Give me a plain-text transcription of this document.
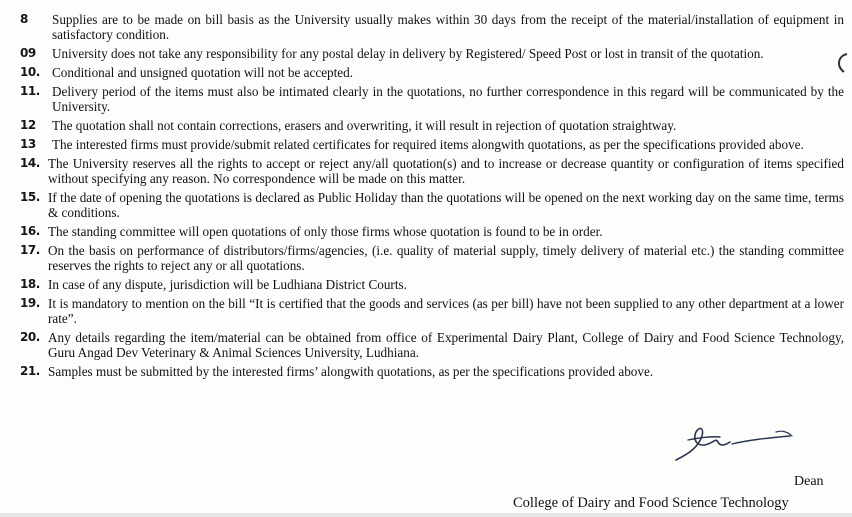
8	Supplies are to be made on bill basis as the University usually makes within 30 days from the receipt of the material/installation of equipment in satisfactory condition.
09	University does not take any responsibility for any postal delay in delivery by Registered/ Speed Post or lost in transit of the quotation.
10. Conditional and unsigned quotation will not be accepted.
11. Delivery period of the items must also be intimated clearly in the quotations, no further correspondence in this regard will be communicated by the University.
12	The quotation shall not contain corrections, erasers and overwriting, it will result in rejection of quotation straightway.
13	The interested firms must provide/submit related certificates for required items alongwith quotations, as per the specifications provided above.
14. The University reserves all the rights to accept or reject any/all quotation(s) and to increase or decrease quantity or configuration of items specified without specifying any reason. No correspondence will be made on this matter.
15. If the date of opening the quotations is declared as Public Holiday than the quotations will be opened on the next working day on the same time, terms & conditions.
16. The standing committee will open quotations of only those firms whose quotation is found to be in order.
17. On the basis on performance of distributors/firms/agencies, (i.e. quality of material supply, timely delivery of material etc.) the standing committee reserves the rights to reject any or all quotations.
18. In case of any dispute, jurisdiction will be Ludhiana District Courts.
19. It is mandatory to mention on the bill “It is certified that the goods and services (as per bill) have not been supplied to any other department at a lower rate”.
20. Any details regarding the item/material can be obtained from office of Experimental Dairy Plant, College of Dairy and Food Science Technology, Guru Angad Dev Veterinary & Animal Sciences University, Ludhiana.
21. Samples must be submitted by the interested firms’ alongwith quotations, as per the specifications provided above.
Dean
College of Dairy and Food Science Technology
